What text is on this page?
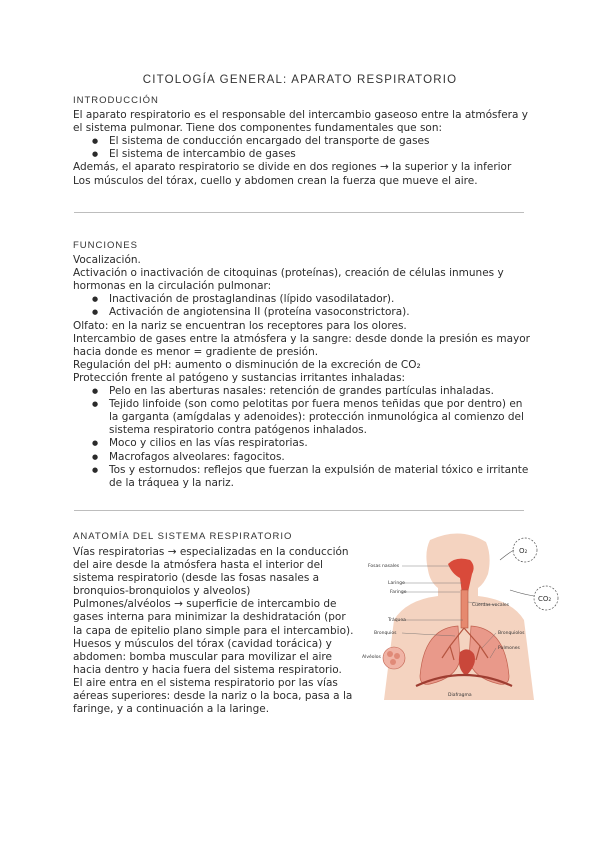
CITOLOGÍA GENERAL: APARATO RESPIRATORIO
INTRODUCCIÓN

El aparato respiratorio es el responsable del intercambio gaseoso entre la atmósfera y el sistema pulmonar. Tiene dos componentes fundamentales que son:

● El sistema de conducción encargado del transporte de gases
● El sistema de intercambio de gases

Además, el aparato respiratorio se divide en dos regiones → la superior y la inferior

Los músculos del tórax, cuello y abdomen crean la fuerza que mueve el aire.

FUNCIONES

Vocalización.

Activación o inactivación de citoquinas (proteínas), creación de células inmunes y hormonas en la circulación pulmonar:

● Inactivación de prostaglandinas (lípido vasodilatador).
● Activación de angiotensina II (proteína vasoconstrictora).

Olfato: en la nariz se encuentran los receptores para los olores.

Intercambio de gases entre la atmósfera y la sangre: desde donde la presión es mayor hacia donde es menor = gradiente de presión.

Regulación del pH: aumento o disminución de la excreción de CO₂

Protección frente al patógeno y sustancias irritantes inhaladas:

● Pelo en las aberturas nasales: retención de grandes partículas inhaladas.
● Tejido linfoide (son como pelotitas por fuera menos teñidas que por dentro) en la garganta (amígdalas y adenoides): protección inmunológica al comienzo del sistema respiratorio contra patógenos inhalados.
● Moco y cilios en las vías respiratorias.
● Macrofagos alveolares: fagocitos.
● Tos y estornudos: reflejos que fuerzan la expulsión de material tóxico e irritante de la tráquea y la nariz.
ANATOMÍA DEL SISTEMA RESPIRATORIO

Vías respiratorias → especializadas en la conducción del aire desde la atmósfera hasta el interior del sistema respiratorio (desde las fosas nasales a bronquios-bronquiolos y alveolos)

Pulmones/alvéolos → superficie de intercambio de gases interna para minimizar la deshidratación (por la capa de epitelio plano simple para el intercambio).

Huesos y músculos del tórax (cavidad torácica) y abdomen: bomba muscular para movilizar el aire hacia dentro y hacia fuera del sistema respiratorio.

El aire entra en el sistema respiratorio por las vías aéreas superiores: desde la nariz o la boca, pasa a la faringe, y a continuación a la laringe.

O₂
CO₂
Fosas nasales
Laringe
Faringe
Cuerdas vocales
Tráquea
Bronquios	Bronquiolos
Alvéolos
Pulmones
Diafragma
